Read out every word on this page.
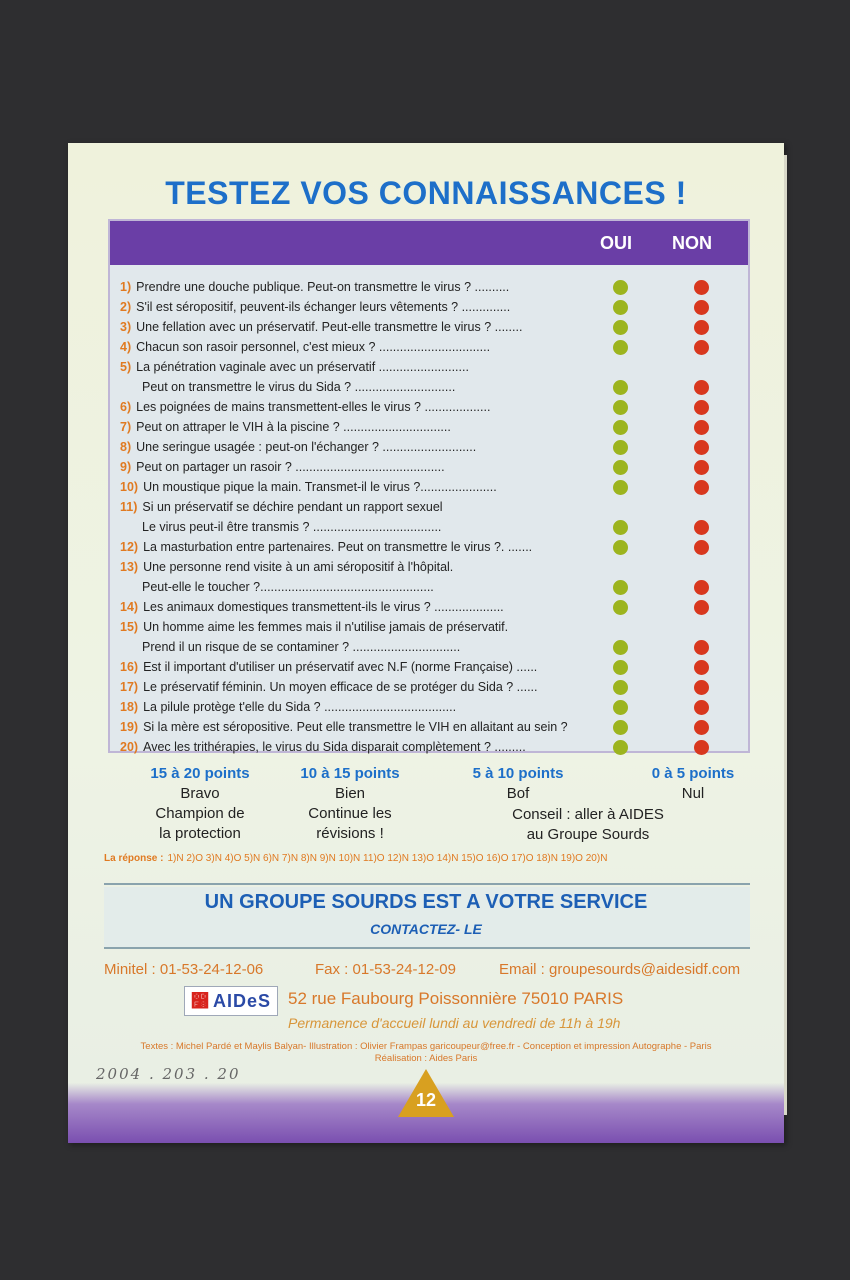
TESTEZ VOS CONNAISSANCES !
OUI NON
1) Prendre une douche publique. Peut-on transmettre le virus ? ..........
2) S'il est séropositif, peuvent-ils échanger leurs vêtements ? ..............
3) Une fellation avec un préservatif. Peut-elle transmettre le virus ? ........
4) Chacun son rasoir personnel, c'est mieux ? ................................
5) La pénétration vaginale avec un préservatif ..........................
Peut on transmettre le virus du Sida ? .............................
6) Les poignées de mains transmettent-elles le virus ? ...................
7) Peut on attraper le VIH à la piscine ? ...............................
8) Une seringue usagée : peut-on l'échanger ? ...........................
9) Peut on partager un rasoir ? ...........................................
10) Un moustique pique la main. Transmet-il le virus ?......................
11) Si un préservatif se déchire pendant un rapport sexuel
Le virus peut-il être transmis ? .....................................
12) La masturbation entre partenaires. Peut on transmettre le virus ?. .......
13) Une personne rend visite à un ami séropositif à l'hôpital.
Peut-elle le toucher ?..................................................
14) Les animaux domestiques transmettent-ils le virus ? ....................
15) Un homme aime les femmes mais il n'utilise jamais de préservatif.
Prend il un risque de se contaminer ? ...............................
16) Est il important d'utiliser un préservatif avec N.F (norme Française) ......
17) Le préservatif féminin. Un moyen efficace de se protéger du Sida ? ......
18) La pilule protège t'elle du Sida ? ......................................
19) Si la mère est séropositive. Peut elle transmettre le VIH en allaitant au sein ?
20) Avec les trithérapies, le virus du Sida disparait complètement ? .........
15 à 20 points
Bravo
Champion de
la protection
10 à 15 points
Bien
Continue les
révisions !
5 à 10 points
Bof
0 à 5 points
Nul
Conseil : aller à AIDES
au Groupe Sourds
La réponse : 1)N 2)O 3)N 4)O 5)N 6)N 7)N 8)N 9)N 10)N 11)O 12)N 13)O 14)N 15)O 16)O 17)O 18)N 19)O 20)N
UN GROUPE SOURDS EST A VOTRE SERVICE
CONTACTEZ- LE
Minitel : 01-53-24-12-06	Fax : 01-53-24-12-09	Email : groupesourds@aidesidf.com
෸ AIDeS 52 rue Faubourg Poissonnière 75010 PARIS
Permanence d'accueil lundi au vendredi de 11h à 19h
Textes : Michel Pardé et Maylis Balyan- Illustration : Olivier Frampas garicoupeur@free.fr - Conception et impression Autographe - Paris
Réalisation : Aides Paris
2004 . 203 . 20
12
